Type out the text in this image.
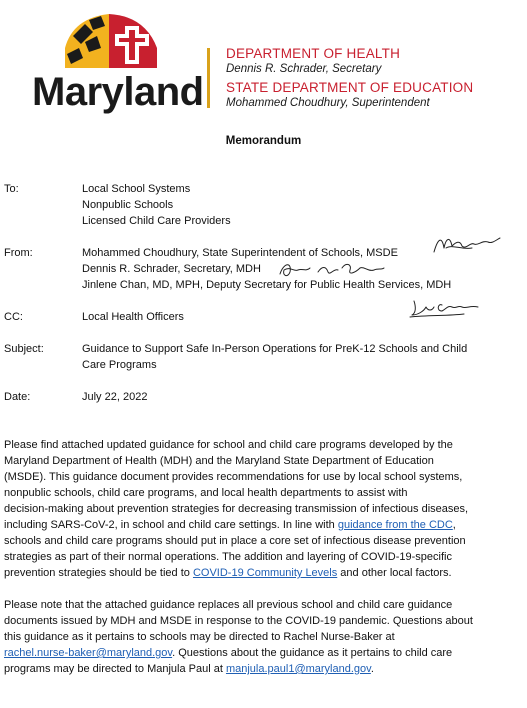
Maryland
DEPARTMENT OF HEALTH
Dennis R. Schrader, Secretary
STATE DEPARTMENT OF EDUCATION
Mohammed Choudhury, Superintendent
Memorandum
To:	Local School Systems
Nonpublic Schools
Licensed Child Care Providers
From:	Mohammed Choudhury, State Superintendent of Schools, MSDE
Dennis R. Schrader, Secretary, MDH
Jinlene Chan, MD, MPH, Deputy Secretary for Public Health Services, MDH
CC:	Local Health Officers
Subject:	Guidance to Support Safe In-Person Operations for PreK-12 Schools and Child
Care Programs
Date:	July 22, 2022
Please find attached updated guidance for school and child care programs developed by the
Maryland Department of Health (MDH) and the Maryland State Department of Education
(MSDE). This guidance document provides recommendations for use by local school systems,
nonpublic schools, child care programs, and local health departments to assist with
decision-making about prevention strategies for decreasing transmission of infectious diseases,
including SARS-CoV-2, in school and child care settings. In line with guidance from the CDC,
schools and child care programs should put in place a core set of infectious disease prevention
strategies as part of their normal operations. The addition and layering of COVID-19-specific
prevention strategies should be tied to COVID-19 Community Levels and other local factors.
Please note that the attached guidance replaces all previous school and child care guidance
documents issued by MDH and MSDE in response to the COVID-19 pandemic. Questions about
this guidance as it pertains to schools may be directed to Rachel Nurse-Baker at
rachel.nurse-baker@maryland.gov. Questions about the guidance as it pertains to child care
programs may be directed to Manjula Paul at manjula.paul1@maryland.gov.
